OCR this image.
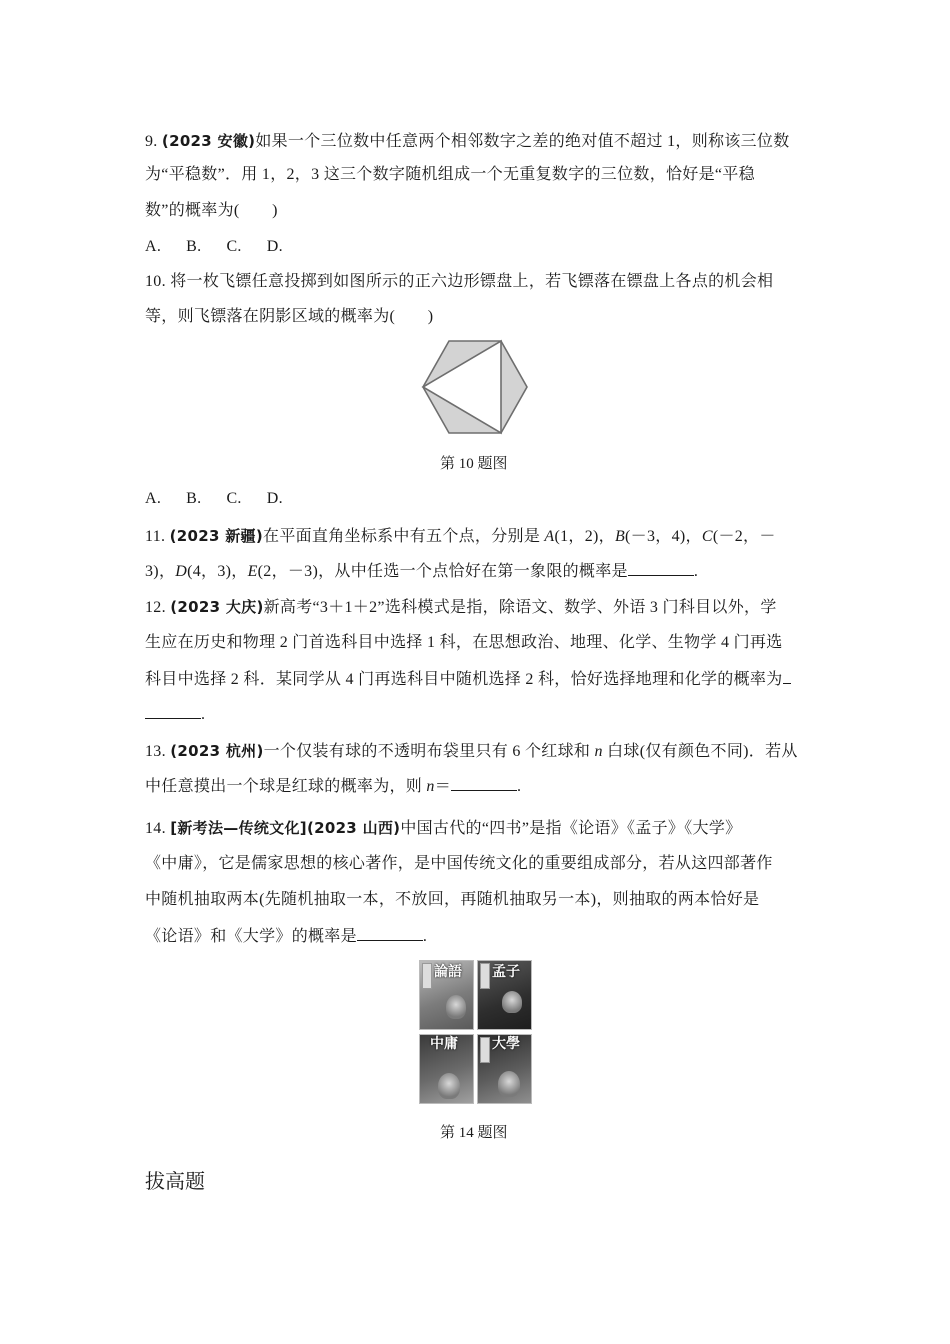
9. (2023 安徽)如果一个三位数中任意两个相邻数字之差的绝对值不超过 1，则称该三位数
为“平稳数”．用 1，2，3 这三个数字随机组成一个无重复数字的三位数，恰好是“平稳
数”的概率为(　　)
A. B. C. D.
10. 将一枚飞镖任意投掷到如图所示的正六边形镖盘上，若飞镖落在镖盘上各点的机会相
等，则飞镖落在阴影区域的概率为(　　)
第 10 题图
A. B. C. D.
11. (2023 新疆)在平面直角坐标系中有五个点，分别是 A(1，2)，B(－3，4)，C(－2，－
3)，D(4，3)，E(2，－3)，从中任选一个点恰好在第一象限的概率是	.
12. (2023 大庆)新高考“3＋1＋2”选科模式是指，除语文、数学、外语 3 门科目以外，学
生应在历史和物理 2 门首选科目中选择 1 科，在思想政治、地理、化学、生物学 4 门再选
科目中选择 2 科．某同学从 4 门再选科目中随机选择 2 科，恰好选择地理和化学的概率为
.
13. (2023 杭州)一个仅装有球的不透明布袋里只有 6 个红球和 n 白球(仅有颜色不同)．若从
中任意摸出一个球是红球的概率为，则 n＝	.
14. [新考法—传统文化](2023 山西)中国古代的“四书”是指《论语》《孟子》《大学》
《中庸》，它是儒家思想的核心著作，是中国传统文化的重要组成部分，若从这四部著作
中随机抽取两本(先随机抽取一本，不放回，再随机抽取另一本)，则抽取的两本恰好是
《论语》和《大学》的概率是	.
論語 孟子
中庸 大學
第 14 题图
拔高题
